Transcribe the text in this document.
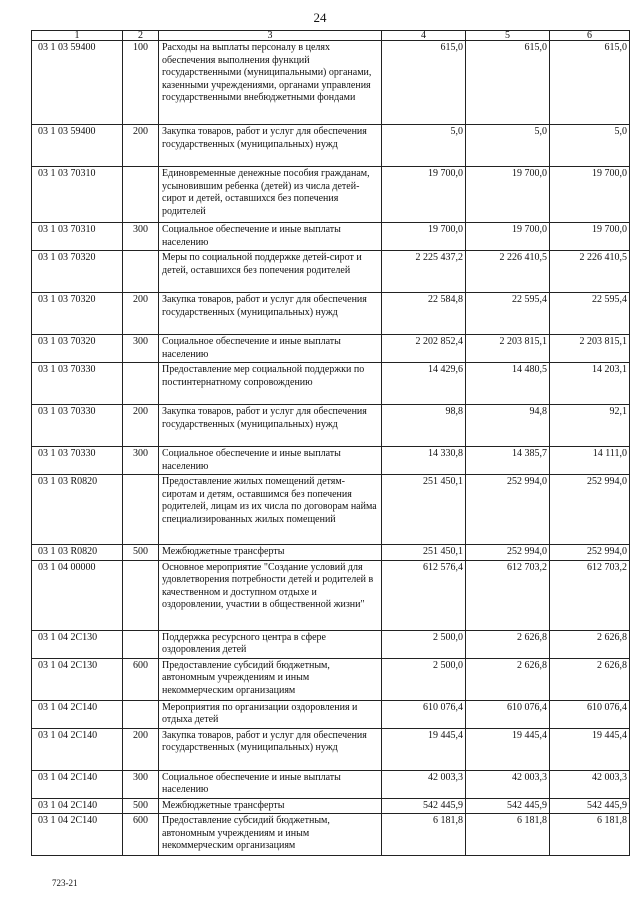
24
1	2	3	4	5	6
03 1 03 59400	100	Расходы на выплаты персоналу в целях обеспечения выполнения функций государственными (муниципальными) органами, казенными учреждениями, органами управления государственными внебюджетными фондами	615,0	615,0	615,0
03 1 03 59400	200	Закупка товаров, работ и услуг для обеспечения государственных (муниципальных) нужд	5,0	5,0	5,0
03 1 03 70310		Единовременные денежные пособия гражданам, усыновившим ребенка (детей) из числа детей-сирот и детей, оставшихся без попечения родителей	19 700,0	19 700,0	19 700,0
03 1 03 70310	300	Социальное обеспечение и иные выплаты населению	19 700,0	19 700,0	19 700,0
03 1 03 70320		Меры по социальной поддержке детей-сирот и детей, оставшихся без попечения родителей	2 225 437,2	2 226 410,5	2 226 410,5
03 1 03 70320	200	Закупка товаров, работ и услуг для обеспечения государственных (муниципальных) нужд	22 584,8	22 595,4	22 595,4
03 1 03 70320	300	Социальное обеспечение и иные выплаты населению	2 202 852,4	2 203 815,1	2 203 815,1
03 1 03 70330		Предоставление мер социальной поддержки по постинтернатному сопровождению	14 429,6	14 480,5	14 203,1
03 1 03 70330	200	Закупка товаров, работ и услуг для обеспечения государственных (муниципальных) нужд	98,8	94,8	92,1
03 1 03 70330	300	Социальное обеспечение и иные выплаты населению	14 330,8	14 385,7	14 111,0
03 1 03 R0820		Предоставление жилых помещений детям-сиротам и детям, оставшимся без попечения родителей, лицам из их числа по договорам найма специализированных жилых помещений	251 450,1	252 994,0	252 994,0
03 1 03 R0820	500	Межбюджетные трансферты	251 450,1	252 994,0	252 994,0
03 1 04 00000		Основное мероприятие "Создание условий для удовлетворения потребности детей и родителей в качественном и доступном отдыхе и оздоровлении, участии в общественной жизни"	612 576,4	612 703,2	612 703,2
03 1 04 2C130		Поддержка ресурсного центра в сфере оздоровления детей	2 500,0	2 626,8	2 626,8
03 1 04 2C130	600	Предоставление субсидий бюджетным, автономным учреждениям и иным некоммерческим организациям	2 500,0	2 626,8	2 626,8
03 1 04 2C140		Мероприятия по организации оздоровления и отдыха детей	610 076,4	610 076,4	610 076,4
03 1 04 2C140	200	Закупка товаров, работ и услуг для обеспечения государственных (муниципальных) нужд	19 445,4	19 445,4	19 445,4
03 1 04 2C140	300	Социальное обеспечение и иные выплаты населению	42 003,3	42 003,3	42 003,3
03 1 04 2C140	500	Межбюджетные трансферты	542 445,9	542 445,9	542 445,9
03 1 04 2C140	600	Предоставление субсидий бюджетным, автономным учреждениям и иным некоммерческим организациям	6 181,8	6 181,8	6 181,8
723-21
